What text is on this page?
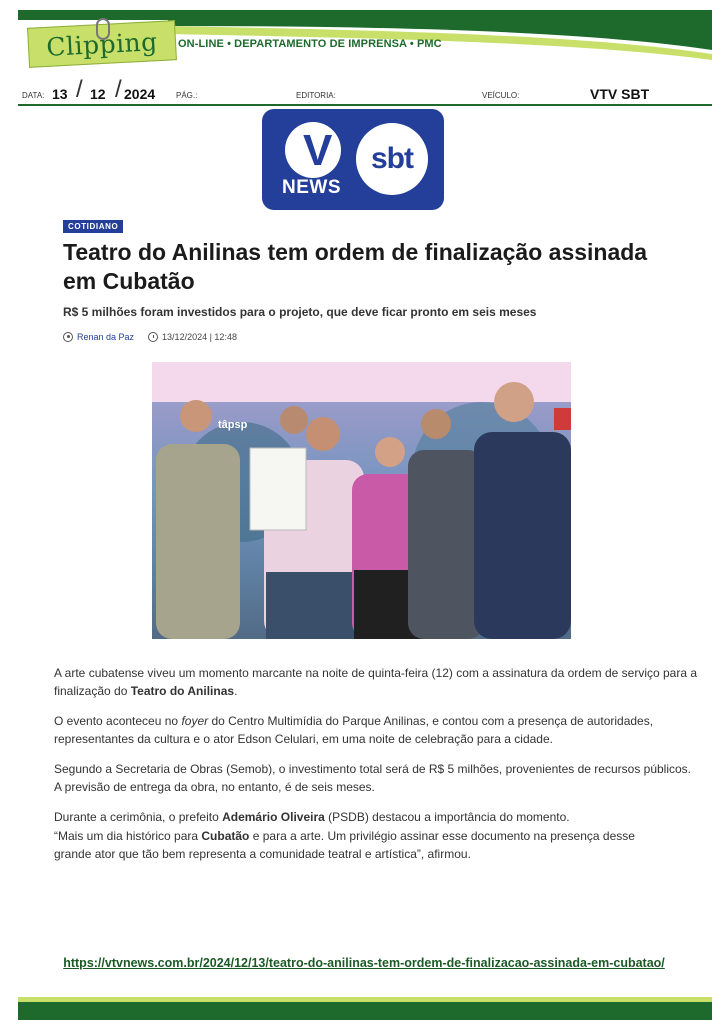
Clipping ON-LINE • DEPARTAMENTO DE IMPRENSA • PMC
DATA: 13 / 12 / 2024	PÁG.:	EDITORIA:	VEÍCULO:	VTV SBT
V
NEWS
sbt
COTIDIANO
Teatro do Anilinas tem ordem de finalização assinada em Cubatão
R$ 5 milhões foram investidos para o projeto, que deve ficar pronto em seis meses
Renan da Paz	13/12/2024 | 12:48
tâpsp

A arte cubatense viveu um momento marcante na noite de quinta-feira (12) com a assinatura da ordem de serviço para a finalização do Teatro do Anilinas.

O evento aconteceu no foyer do Centro Multimídia do Parque Anilinas, e contou com a presença de autoridades, representantes da cultura e o ator Edson Celulari, em uma noite de celebração para a cidade.

Segundo a Secretaria de Obras (Semob), o investimento total será de R$ 5 milhões, provenientes de recursos públicos. A previsão de entrega da obra, no entanto, é de seis meses.

Durante a cerimônia, o prefeito Ademário Oliveira (PSDB) destacou a importância do momento.

“Mais um dia histórico para Cubatão e para a arte. Um privilégio assinar esse documento na presença desse grande ator que tão bem representa a comunidade teatral e artística”, afirmou.
https://vtvnews.com.br/2024/12/13/teatro-do-anilinas-tem-ordem-de-finalizacao-assinada-em-cubatao/
